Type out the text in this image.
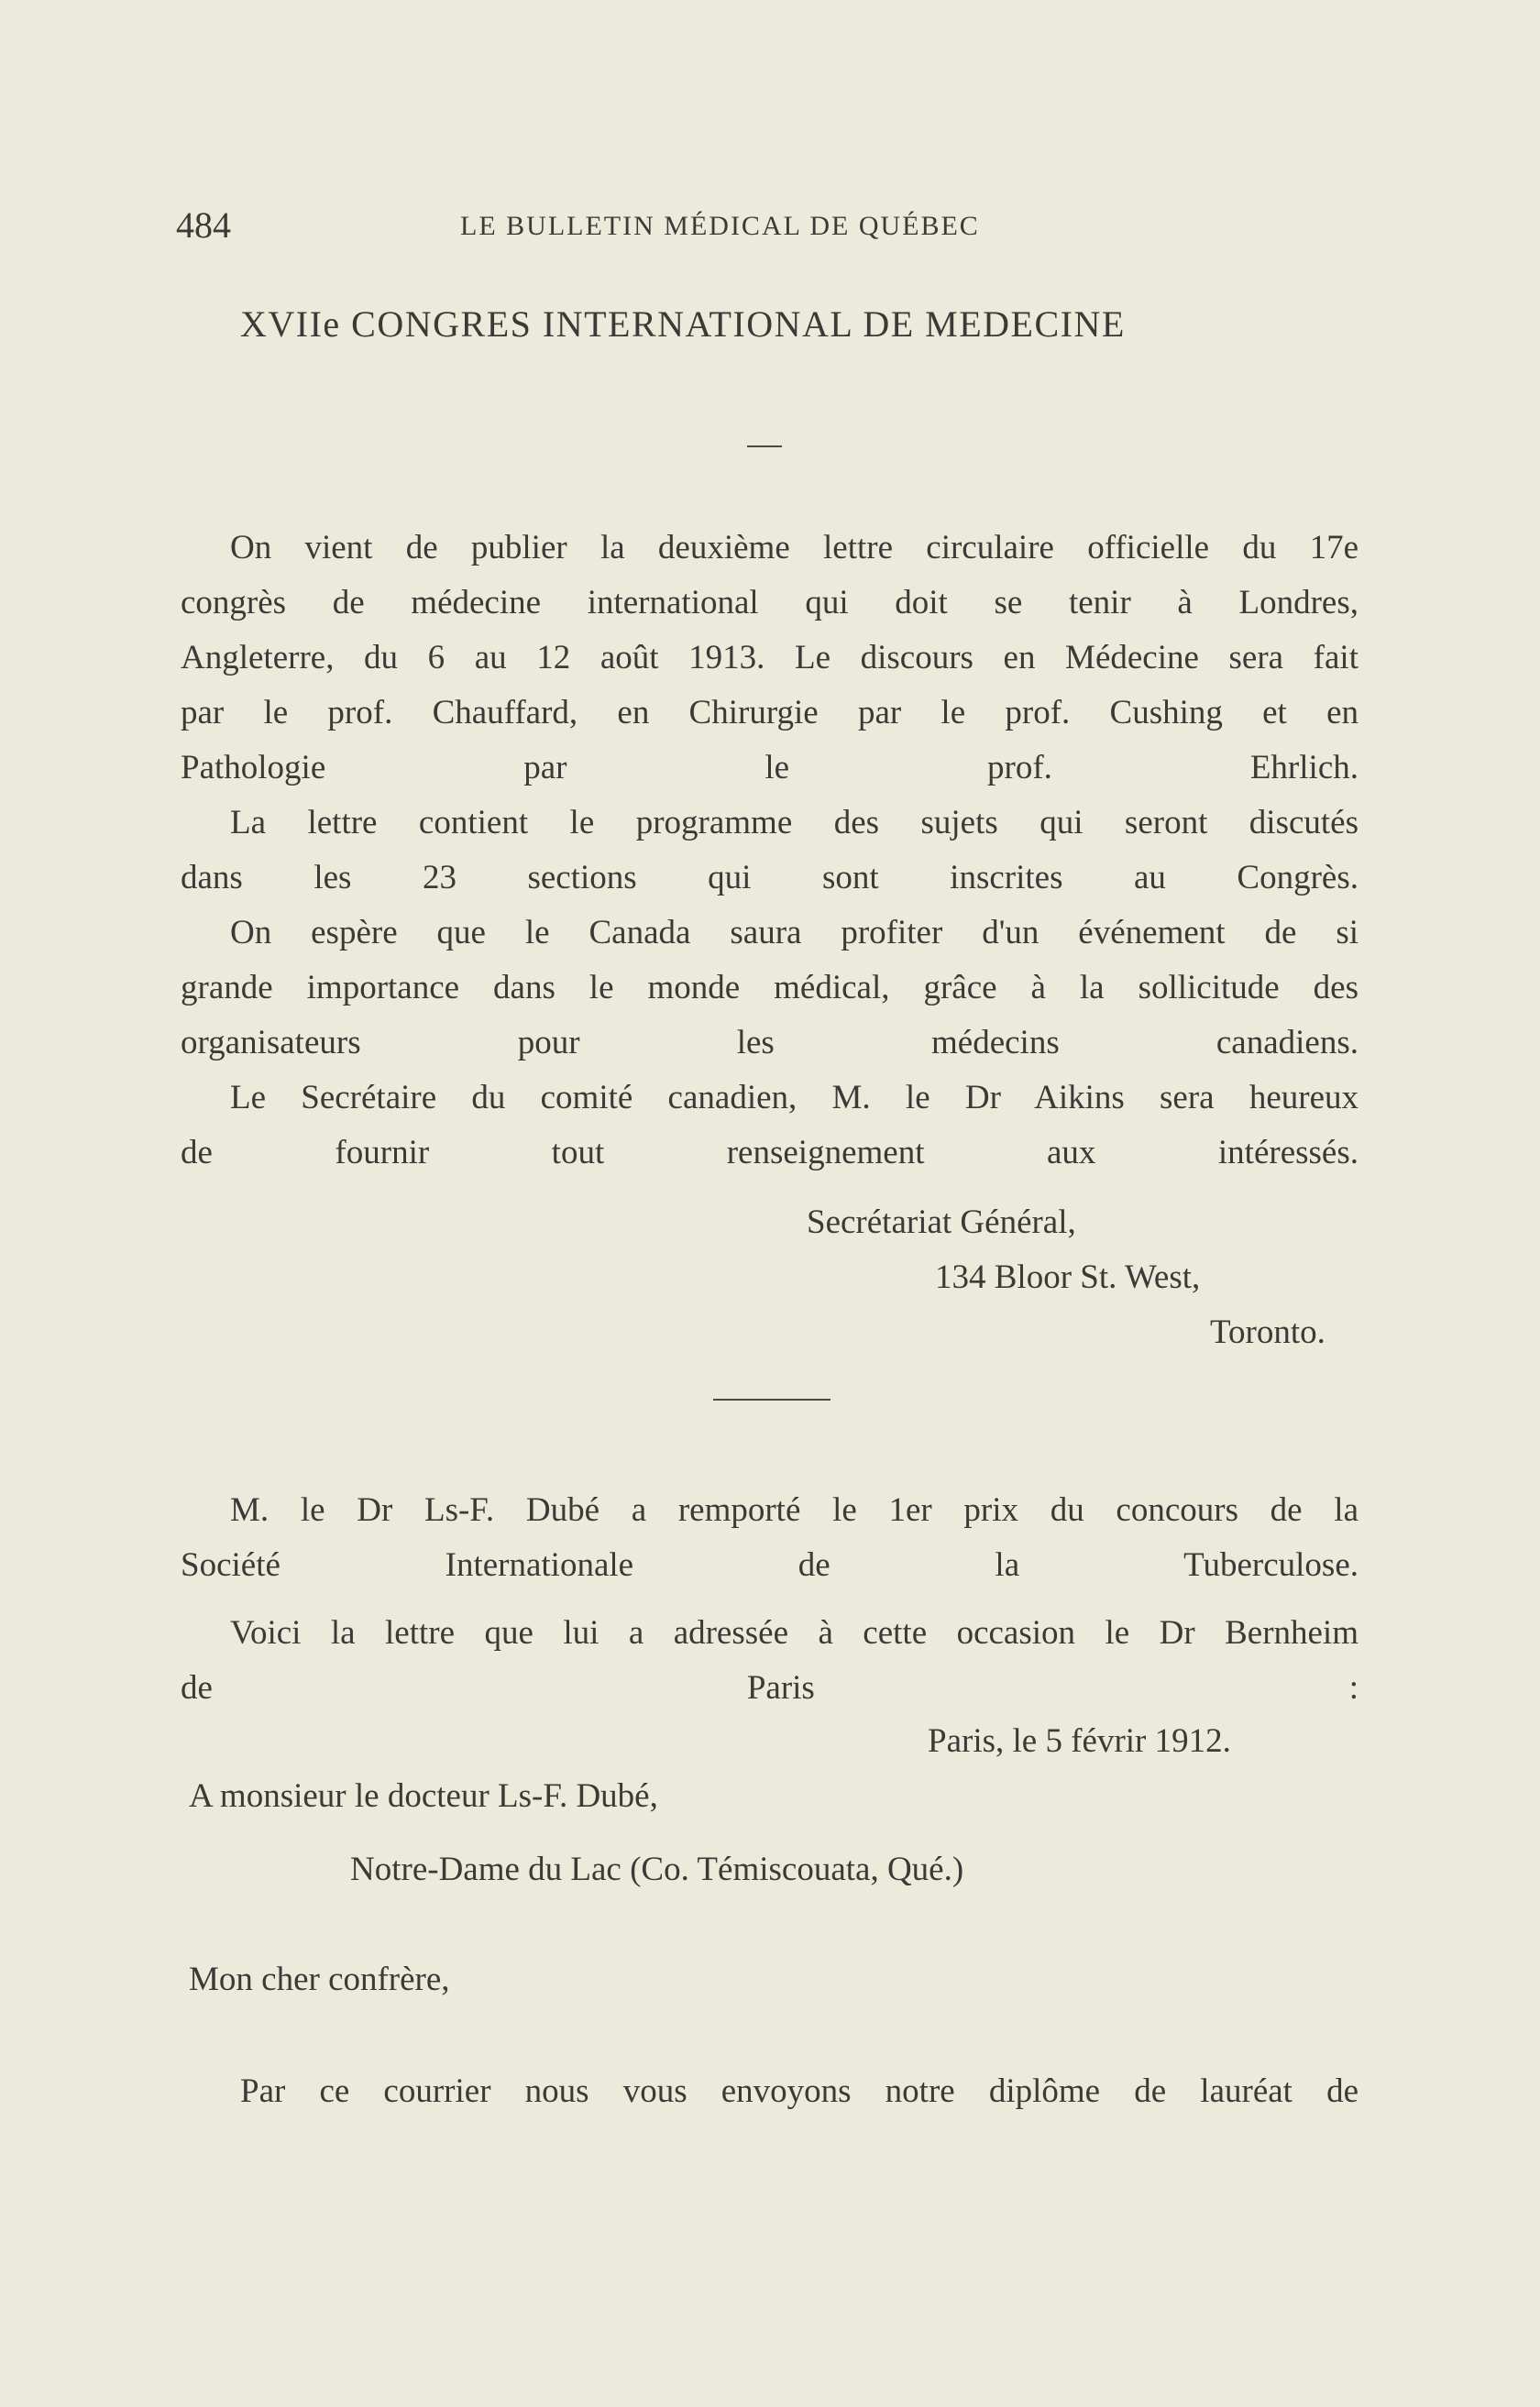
484	LE BULLETIN MÉDICAL DE QUÉBEC
XVIIe CONGRES INTERNATIONAL DE MEDECINE

On vient de publier la deuxième lettre circulaire officielle du 17e
congrès de médecine international qui doit se tenir à Londres,
Angleterre, du 6 au 12 août 1913. Le discours en Médecine sera fait
par le prof. Chauffard, en Chirurgie par le prof. Cushing et en
Pathologie par le prof. Ehrlich.

La lettre contient le programme des sujets qui seront discutés
dans les 23 sections qui sont inscrites au Congrès.

On espère que le Canada saura profiter d'un événement de si
grande importance dans le monde médical, grâce à la sollicitude des
organisateurs pour les médecins canadiens.

Le Secrétaire du comité canadien, M. le Dr Aikins sera heureux
de fournir tout renseignement aux intéressés.

Secrétariat Général,
134 Bloor St. West,
Toronto.

M. le Dr Ls-F. Dubé a remporté le 1er prix du concours de la
Société Internationale de la Tuberculose.

Voici la lettre que lui a adressée à cette occasion le Dr Bernheim
de Paris :

Paris, le 5 févrir 1912.
A monsieur le docteur Ls-F. Dubé,
Notre-Dame du Lac (Co. Témiscouata, Qué.)
Mon cher confrère,

Par ce courrier nous vous envoyons notre diplôme de lauréat de
